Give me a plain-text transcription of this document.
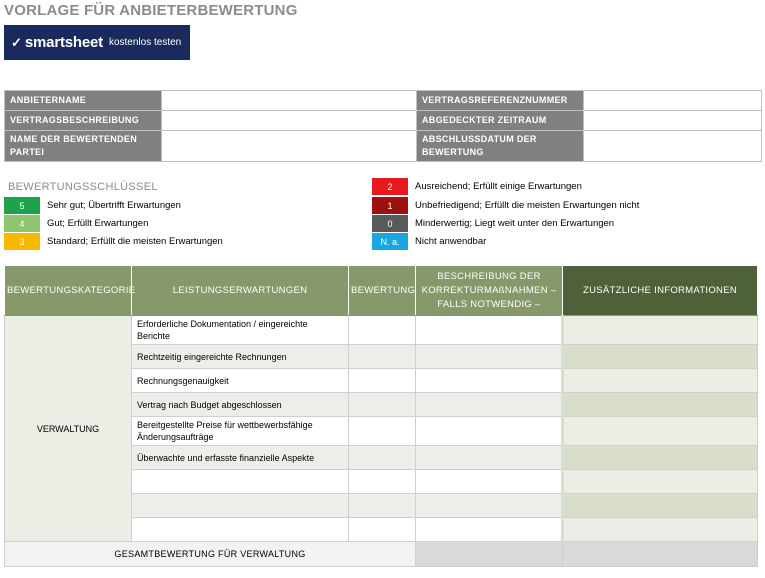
VORLAGE FÜR ANBIETERBEWERTUNG
✓ smartsheet kostenlos testen
ANBIETERNAME		VERTRAGSREFERENZNUMMER	
VERTRAGSBESCHREIBUNG		ABGEDECKTER ZEITRAUM	
NAME DER BEWERTENDEN PARTEI		ABSCHLUSSDATUM DER BEWERTUNG	
BEWERTUNGSSCHLÜSSEL
5	Sehr gut; Übertrifft Erwartungen
4	Gut; Erfüllt Erwartungen
3	Standard; Erfüllt die meisten Erwartungen
2	Ausreichend; Erfüllt einige Erwartungen
1	Unbefriedigend; Erfüllt die meisten Erwartungen nicht
0	Minderwertig; Liegt weit unter den Erwartungen
N. a.	Nicht anwendbar
BEWERTUNGSKATEGORIE	LEISTUNGSERWARTUNGEN	BEWERTUNG	BESCHREIBUNG DER KORREKTURMAßNAHMEN – FALLS NOTWENDIG –	ZUSÄTZLICHE INFORMATIONEN
VERWALTUNG	Erforderliche Dokumentation / eingereichte Berichte			
	Rechtzeitig eingereichte Rechnungen			
	Rechnungsgenauigkeit			
	Vertrag nach Budget abgeschlossen			
	Bereitgestellte Preise für wettbewerbsfähige Änderungsaufträge			
	Überwachte und erfasste finanzielle Aspekte			

GESAMTBEWERTUNG FÜR VERWALTUNG				
